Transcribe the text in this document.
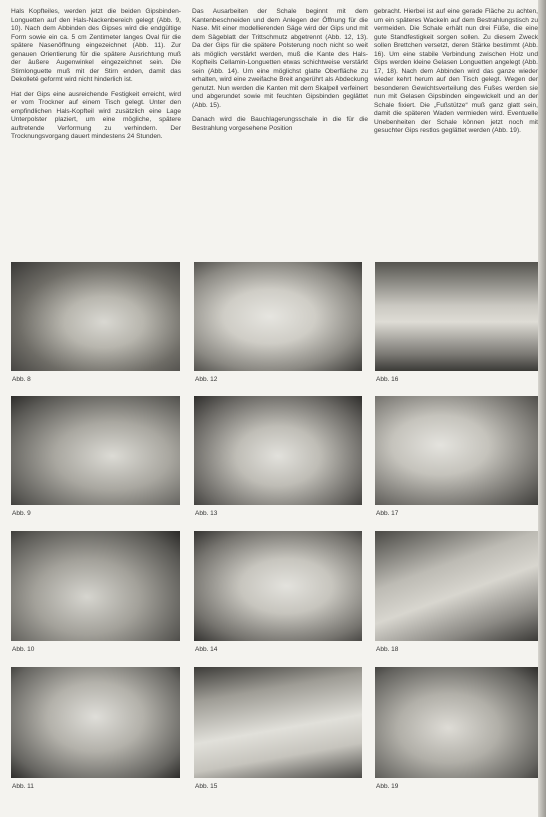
Hals Kopfteiles, werden jetzt die beiden Gipsbinden-Longuetten auf den Hals-Nackenbereich gelegt (Abb. 9, 10). Nach dem Abbinden des Gipses wird die endgültige Form sowie ein ca. 5 cm Zentimeter langes Oval für die spätere Nasenöffnung eingezeichnet (Abb. 11). Zur genauen Orientierung für die spätere Ausrichtung muß der äußere Augenwinkel eingezeichnet sein. Die Stirnlonguette muß mit der Stirn enden, damit das Dekolleté geformt wird nicht hinderlich ist.

Hat der Gips eine ausreichende Festigkeit erreicht, wird er vom Trockner auf einem Tisch gelegt. Unter den empfindlichen Hals-Kopfteil wird zusätzlich eine Lage Unterpolster plaziert, um eine mögliche, spätere auftretende Verformung zu verhindern. Der Trocknungsvorgang dauert mindestens 24 Stunden.

Das Ausarbeiten der Schale beginnt mit dem Kantenbeschneiden und dem Anlegen der Öffnung für die Nase. Mit einer modellierenden Säge wird der Gips und mit dem Sägeblatt der Trittschmutz abgetrennt (Abb. 12, 13). Da der Gips für die spätere Polsterung noch nicht so weit als möglich verstärkt werden, muß die Kante des Hals-Kopfteils Cellamin-Longuetten etwas schichtweise verstärkt sein (Abb. 14). Um eine möglichst glatte Oberfläche zu erhalten, wird eine zweifache Breit angerührt als Abdeckung genutzt. Nun werden die Kanten mit dem Skalpell verfeinert und abgerundet sowie mit feuchten Gipsbinden geglättet (Abb. 15).

Danach wird die Bauchlagerungsschale in die für die Bestrahlung vorgesehene Position

gebracht. Hierbei ist auf eine gerade Fläche zu achten, um ein späteres Wackeln auf dem Bestrahlungstisch zu vermeiden. Die Schale erhält nun drei Füße, die eine gute Standfestigkeit sorgen sollen. Zu diesem Zweck sollen Brettchen versetzt, deren Stärke bestimmt (Abb. 16). Um eine stabile Verbindung zwischen Holz und Gips werden kleine Gelasen Longuetten angelegt (Abb. 17, 18). Nach dem Abbinden wird das ganze wieder wieder kehrt herum auf den Tisch gelegt. Wegen der besonderen Gewichtsverteilung des Fußes werden sie nun mit Gelasen Gipsbinden eingewickelt und an der Schale fixiert. Die „Fußstütze“ muß ganz glatt sein, damit die späteren Waden vermieden wird. Eventuelle Unebenheiten der Schale können jetzt noch mit gesuchter Gips restlos geglättet werden (Abb. 19).

Abb. 8	Abb. 12	Abb. 16
Abb. 9	Abb. 13	Abb. 17
Abb. 10	Abb. 14	Abb. 18
Abb. 11	Abb. 15	Abb. 19
